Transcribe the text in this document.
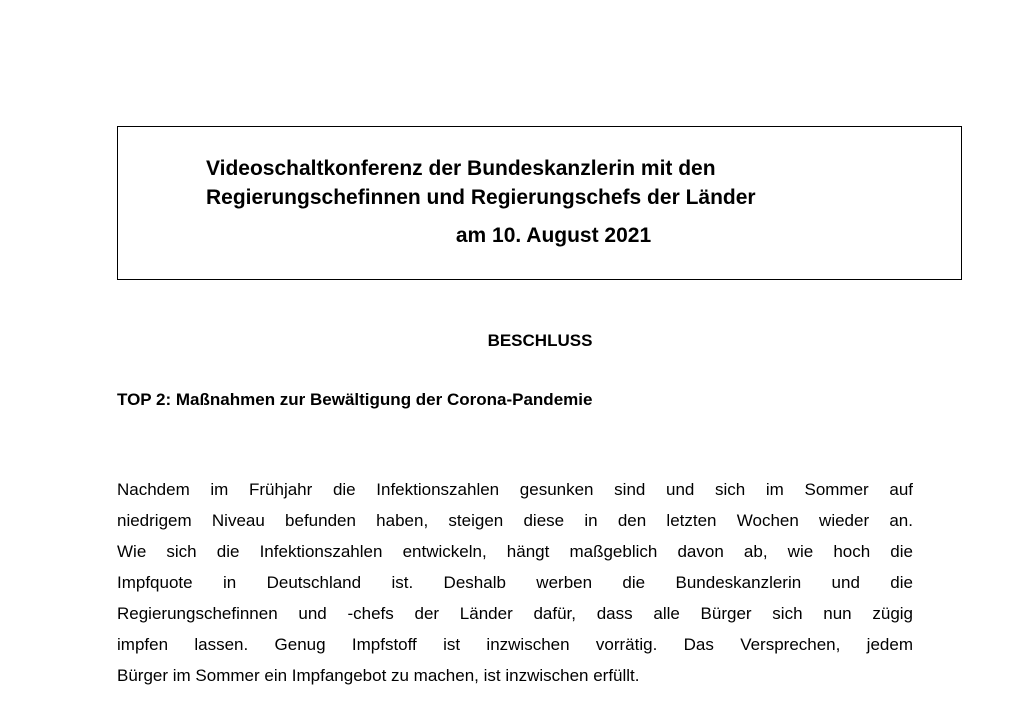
Videoschaltkonferenz der Bundeskanzlerin mit den
Regierungschefinnen und Regierungschefs der Länder
am 10. August 2021
BESCHLUSS
TOP 2: Maßnahmen zur Bewältigung der Corona-Pandemie
Nachdem im Frühjahr die Infektionszahlen gesunken sind und sich im Sommer auf
niedrigem Niveau befunden haben, steigen diese in den letzten Wochen wieder an.
Wie sich die Infektionszahlen entwickeln, hängt maßgeblich davon ab, wie hoch die
Impfquote in Deutschland ist. Deshalb werben die Bundeskanzlerin und die
Regierungschefinnen und -chefs der Länder dafür, dass alle Bürger sich nun zügig
impfen lassen. Genug Impfstoff ist inzwischen vorrätig. Das Versprechen, jedem
Bürger im Sommer ein Impfangebot zu machen, ist inzwischen erfüllt.
